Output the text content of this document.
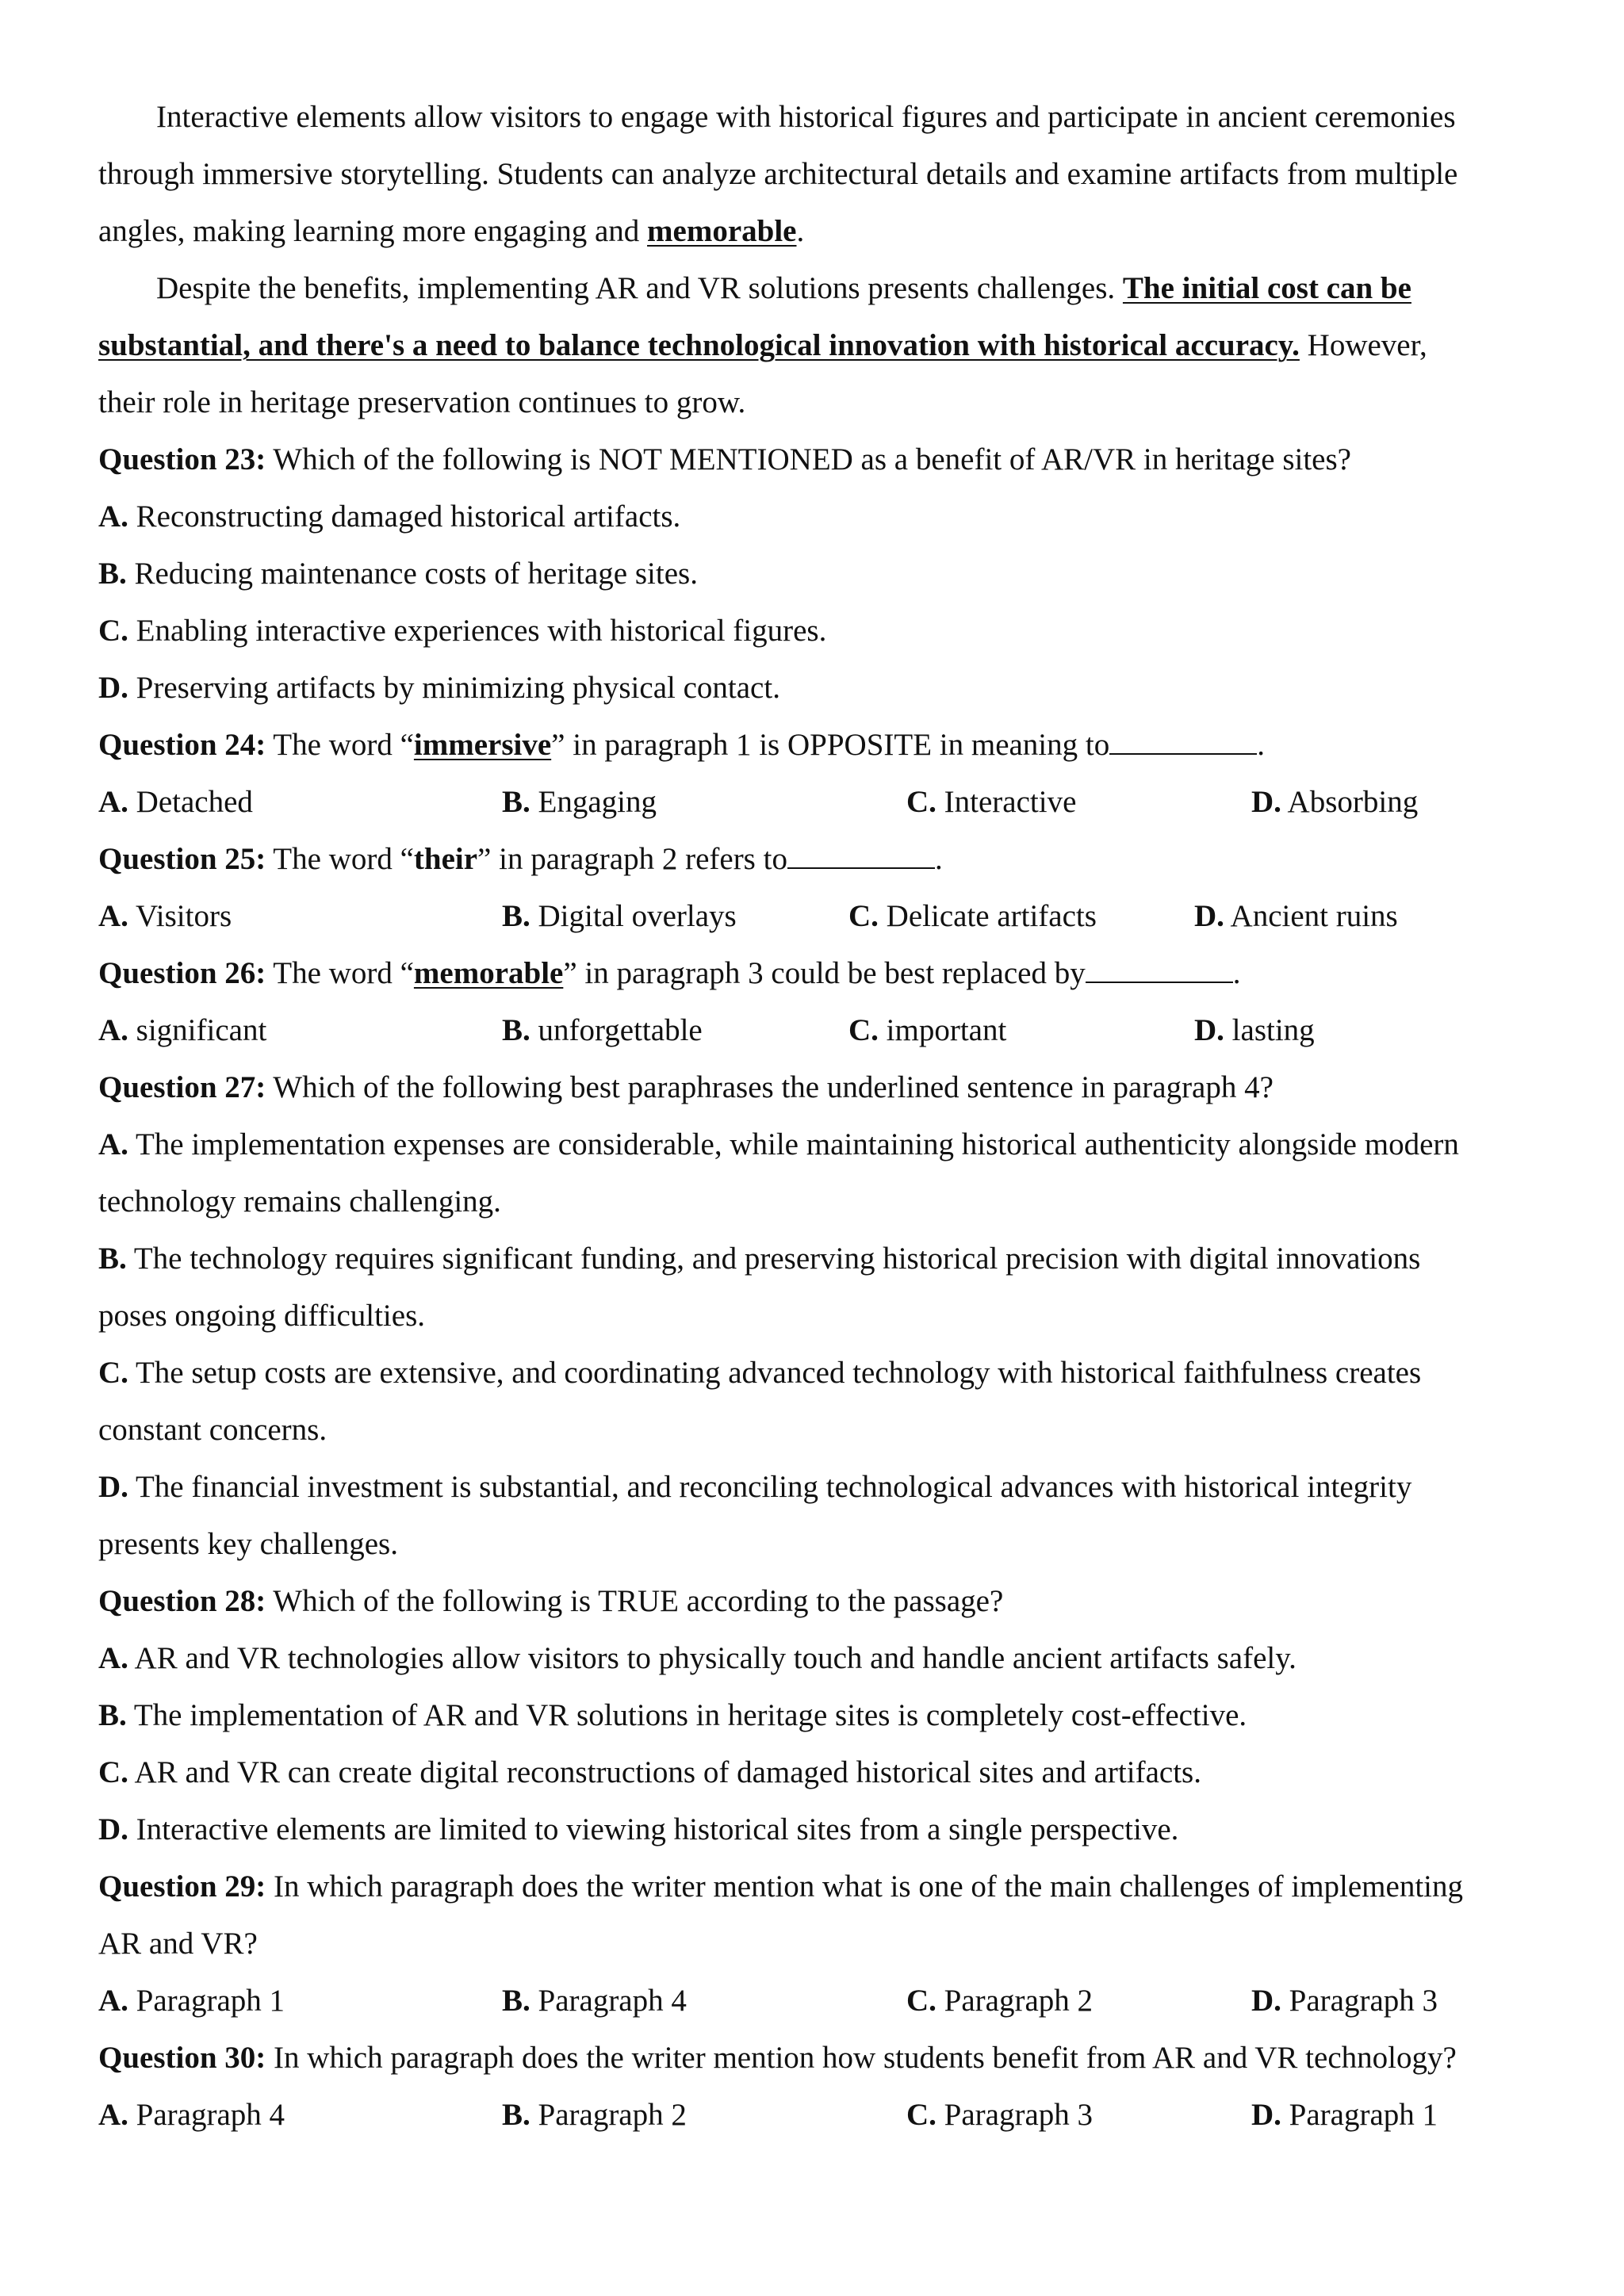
Interactive elements allow visitors to engage with historical figures and participate in ancient ceremonies
through immersive storytelling. Students can analyze architectural details and examine artifacts from multiple
angles, making learning more engaging and memorable.
Despite the benefits, implementing AR and VR solutions presents challenges. The initial cost can be
substantial, and there's a need to balance technological innovation with historical accuracy. However,
their role in heritage preservation continues to grow.
Question 23: Which of the following is NOT MENTIONED as a benefit of AR/VR in heritage sites?
A. Reconstructing damaged historical artifacts.
B. Reducing maintenance costs of heritage sites.
C. Enabling interactive experiences with historical figures.
D. Preserving artifacts by minimizing physical contact.
Question 24: The word “immersive” in paragraph 1 is OPPOSITE in meaning to	.
A. Detached	B. Engaging	C. Interactive	D. Absorbing
Question 25: The word “their” in paragraph 2 refers to	.
A. Visitors	B. Digital overlays	C. Delicate artifacts	D. Ancient ruins
Question 26: The word “memorable” in paragraph 3 could be best replaced by	.
A. significant	B. unforgettable	C. important	D. lasting
Question 27: Which of the following best paraphrases the underlined sentence in paragraph 4?
A. The implementation expenses are considerable, while maintaining historical authenticity alongside modern
technology remains challenging.
B. The technology requires significant funding, and preserving historical precision with digital innovations
poses ongoing difficulties.
C. The setup costs are extensive, and coordinating advanced technology with historical faithfulness creates
constant concerns.
D. The financial investment is substantial, and reconciling technological advances with historical integrity
presents key challenges.
Question 28: Which of the following is TRUE according to the passage?
A. AR and VR technologies allow visitors to physically touch and handle ancient artifacts safely.
B. The implementation of AR and VR solutions in heritage sites is completely cost-effective.
C. AR and VR can create digital reconstructions of damaged historical sites and artifacts.
D. Interactive elements are limited to viewing historical sites from a single perspective.
Question 29: In which paragraph does the writer mention what is one of the main challenges of implementing
AR and VR?
A. Paragraph 1	B. Paragraph 4	C. Paragraph 2	D. Paragraph 3
Question 30: In which paragraph does the writer mention how students benefit from AR and VR technology?
A. Paragraph 4	B. Paragraph 2	C. Paragraph 3	D. Paragraph 1
